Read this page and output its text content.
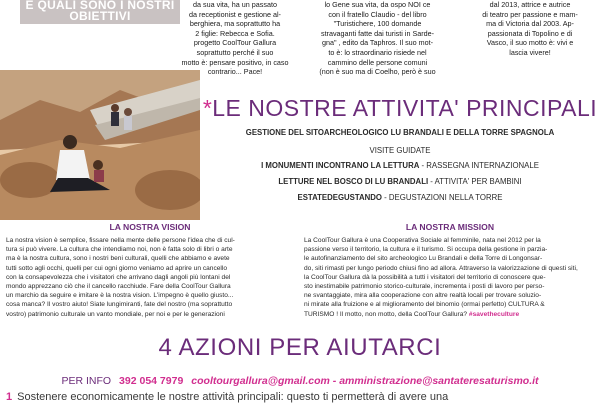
E QUALI SONO I NOSTRI
OBIETTIVI
da sua vita, ha un passato
da receptionist e gestione al-
berghiera, ma soprattutto ha
2 figlie: Rebecca e Sofia.
progetto CoolTour Gallura
soprattutto perché il suo
motto è: pensare positivo, in caso
contrario... Pace!
lo Gene sua vita, da ospo NOI ce
con il fratello Claudio - del libro
"Turistichere, 100 domande
stravaganti fatte dai turisti in Sarde-
gna" , edito da Taphros. Il suo mot-
to è: lo straordinario risiede nel
cammino delle persone comuni
(non è suo ma di Coelho, però è suo
dal 2013, attrice e autrice
di teatro per passione e mam-
ma di Victoria dal 2003. Ap-
passionata di Topolino e di
Vasco, il suo motto è: vivi e
lascia vivere!
*LE NOSTRE ATTIVITA' PRINCIPALI
GESTIONE DEL SITOARCHEOLOGICO LU BRANDALI E DELLA TORRE SPAGNOLA
VISITE GUIDATE
I MONUMENTI INCONTRANO LA LETTURA - RASSEGNA INTERNAZIONALE
LETTURE NEL BOSCO DI LU BRANDALI - ATTIVITA' PER BAMBINI
ESTATEDEGUSTANDO - DEGUSTAZIONI NELLA TORRE
LA NOSTRA VISION
La nostra vision è semplice, fissare nella mente delle persone l'idea che di cul-
tura si può vivere. La cultura che intendiamo noi, non è fatta solo di libri o arte
ma è la nostra cultura, sono i nostri beni culturali, quelli che abbiamo e avete
tutti sotto agli occhi, quelli per cui ogni giorno veniamo ad aprire un cancello
con la consapevolezza che i visitatori che arrivano dagli angoli più lontani del
mondo apprezzano ciò che il cancello racchiude. Fare della CoolTour Gallura
un marchio da seguire e imitare è la nostra vision. L'impegno è quello giusto...
cosa manca? Il vostro aiuto! Siate lungimiranti, fate del nostro (ma soprattutto
vostro) patrimonio culturale un vanto mondiale, per noi e per le generazioni
LA NOSTRA MISSION
La CoolTour Gallura è una Cooperativa Sociale al femminile, nata nel 2012 per la
passione verso il territorio, la cultura e il turismo. Si occupa della gestione in parzia-
le autofinanziamento del sito archeologico Lu Brandali e della Torre di Longonsar-
do, siti rimasti per lungo periodo chiusi fino ad allora. Attraverso la valorizzazione di questi siti,
la CoolTour Gallura dà la possibilità a tutti i visitatori del territorio di conoscere que-
sto inestimabile patrimonio storico-culturale, incrementa i posti di lavoro per perso-
ne svantaggiate, mira alla cooperazione con altre realtà locali per trovare soluzio-
ni mirate alla fruizione e al miglioramento del binomio (ormai perfetto) CULTURA &
TURISMO ! Il motto, non motto, della CoolTour Gallura? #savetheculture
4 AZIONI PER AIUTARCI
PER INFO 392 054 7979 cooltourgallura@gmail.com - amministrazione@santateresaturismo.it
1 Sostenere economicamente le nostre attività principali: questo ti permetterà di avere una
